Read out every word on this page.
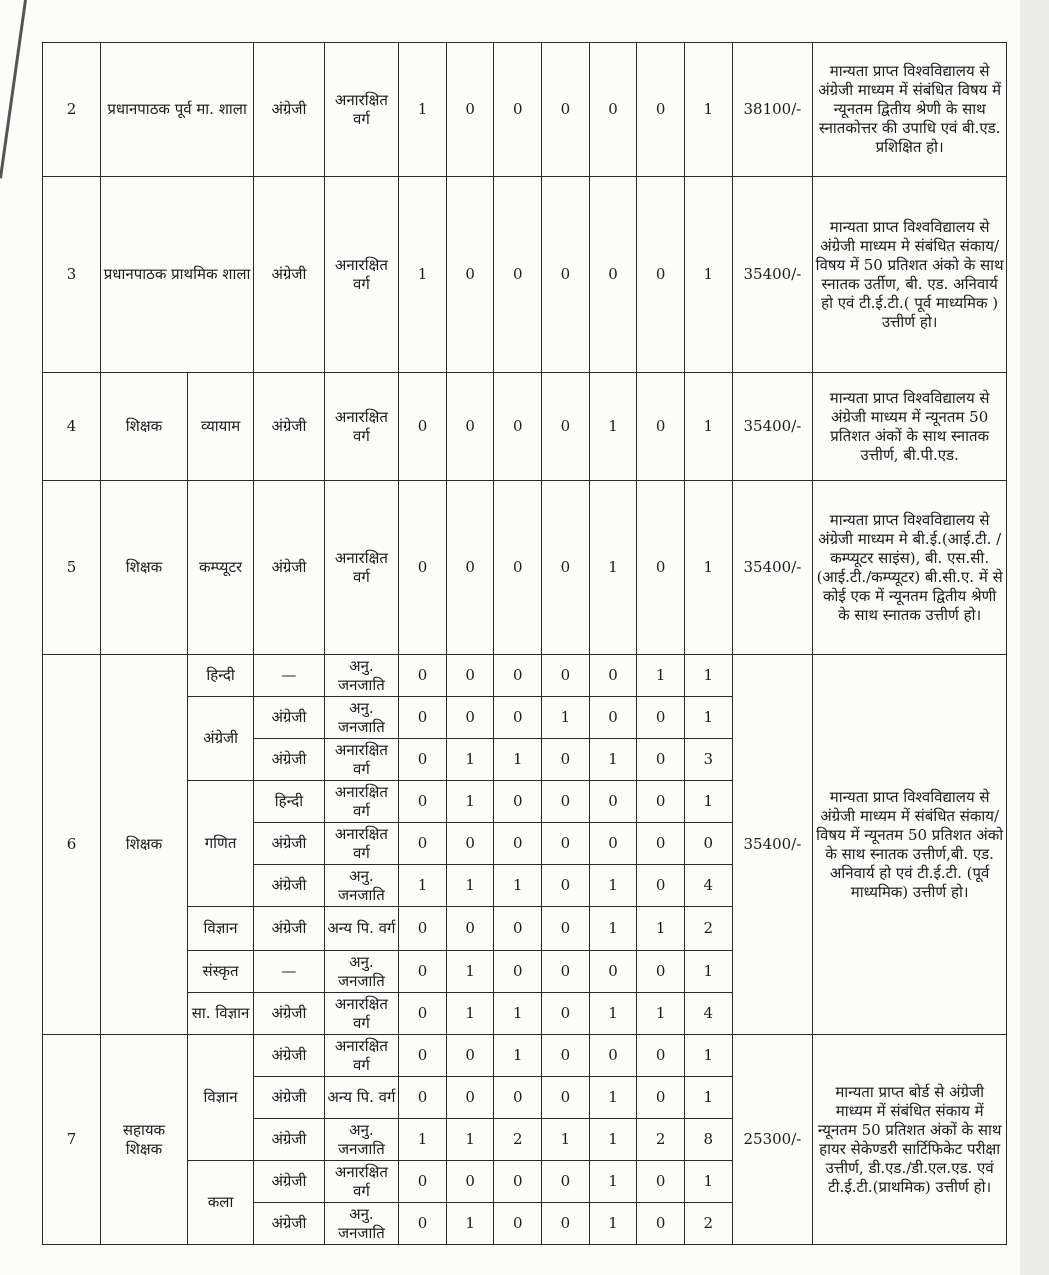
2	प्रधानपाठक पूर्व मा. शाला		अंग्रेजी	अनारक्षित वर्ग	1	0	0	0	0	0	1	38100/-	मान्यता प्राप्त विश्वविद्यालय से अंग्रेजी माध्यम में संबंधित विषय में न्यूनतम द्वितीय श्रेणी के साथ स्नातकोत्तर की उपाधि एवं बी.एड. प्रशिक्षित हो।
3	प्रधानपाठक प्राथमिक शाला		अंग्रेजी	अनारक्षित वर्ग	1	0	0	0	0	0	1	35400/-	मान्यता प्राप्त विश्वविद्यालय से अंग्रेजी माध्यम मे संबंधित संकाय/विषय में 50 प्रतिशत अंको के साथ स्नातक उर्तीण, बी. एड. अनिवार्य हो एवं टी.ई.टी.( पूर्व माध्यमिक ) उत्तीर्ण हो।
4	शिक्षक	व्यायाम	अंग्रेजी	अनारक्षित वर्ग	0	0	0	0	1	0	1	35400/-	मान्यता प्राप्त विश्वविद्यालय से अंग्रेजी माध्यम में न्यूनतम 50 प्रतिशत अंकों के साथ स्नातक उत्तीर्ण, बी.पी.एड.
5	शिक्षक	कम्प्यूटर	अंग्रेजी	अनारक्षित वर्ग	0	0	0	0	1	0	1	35400/-	मान्यता प्राप्त विश्वविद्यालय से अंग्रेजी माध्यम मे बी.ई.(आई.टी. /कम्प्यूटर साइंस), बी. एस.सी.(आई.टी./कम्प्यूटर) बी.सी.ए. में से कोई एक में न्यूनतम द्वितीय श्रेणी के साथ स्नातक उत्तीर्ण हो।
6	शिक्षक	हिन्दी	—	अनु. जनजाति	0	0	0	0	0	1	1	35400/-	मान्यता प्राप्त विश्वविद्यालय से अंग्रेजी माध्यम में संबंधित संकाय/विषय में न्यूनतम 50 प्रतिशत अंको के साथ स्नातक उत्तीर्ण,बी. एड. अनिवार्य हो एवं टी.ई.टी. (पूर्व माध्यमिक) उत्तीर्ण हो।
		अंग्रेजी	अंग्रेजी	अनु. जनजाति	0	0	0	1	0	0	1		
			अंग्रेजी	अनारक्षित वर्ग	0	1	1	0	1	0	3		
		गणित	हिन्दी	अनारक्षित वर्ग	0	1	0	0	0	0	1		
			अंग्रेजी	अनारक्षित वर्ग	0	0	0	0	0	0	0		
			अंग्रेजी	अनु. जनजाति	1	1	1	0	1	0	4		
		विज्ञान	अंग्रेजी	अन्य पि. वर्ग	0	0	0	0	1	1	2		
		संस्कृत	—	अनु. जनजाति	0	1	0	0	0	0	1		
		सा. विज्ञान	अंग्रेजी	अनारक्षित वर्ग	0	1	1	0	1	1	4		
7	सहायक शिक्षक	विज्ञान	अंग्रेजी	अनारक्षित वर्ग	0	0	1	0	0	0	1	25300/-	मान्यता प्राप्त बोर्ड से अंग्रेजी माध्यम में संबंधित संकाय में न्यूनतम 50 प्रतिशत अंकों के साथ हायर सेकेण्डरी सार्टिफिकेट परीक्षा उत्तीर्ण, डी.एड./डी.एल.एड. एवं टी.ई.टी.(प्राथमिक) उत्तीर्ण हो।
			अंग्रेजी	अन्य पि. वर्ग	0	0	0	0	1	0	1		
			अंग्रेजी	अनु. जनजाति	1	1	2	1	1	2	8		
		कला	अंग्रेजी	अनारक्षित वर्ग	0	0	0	0	1	0	1		
			अंग्रेजी	अनु. जनजाति	0	1	0	0	1	0	2		
